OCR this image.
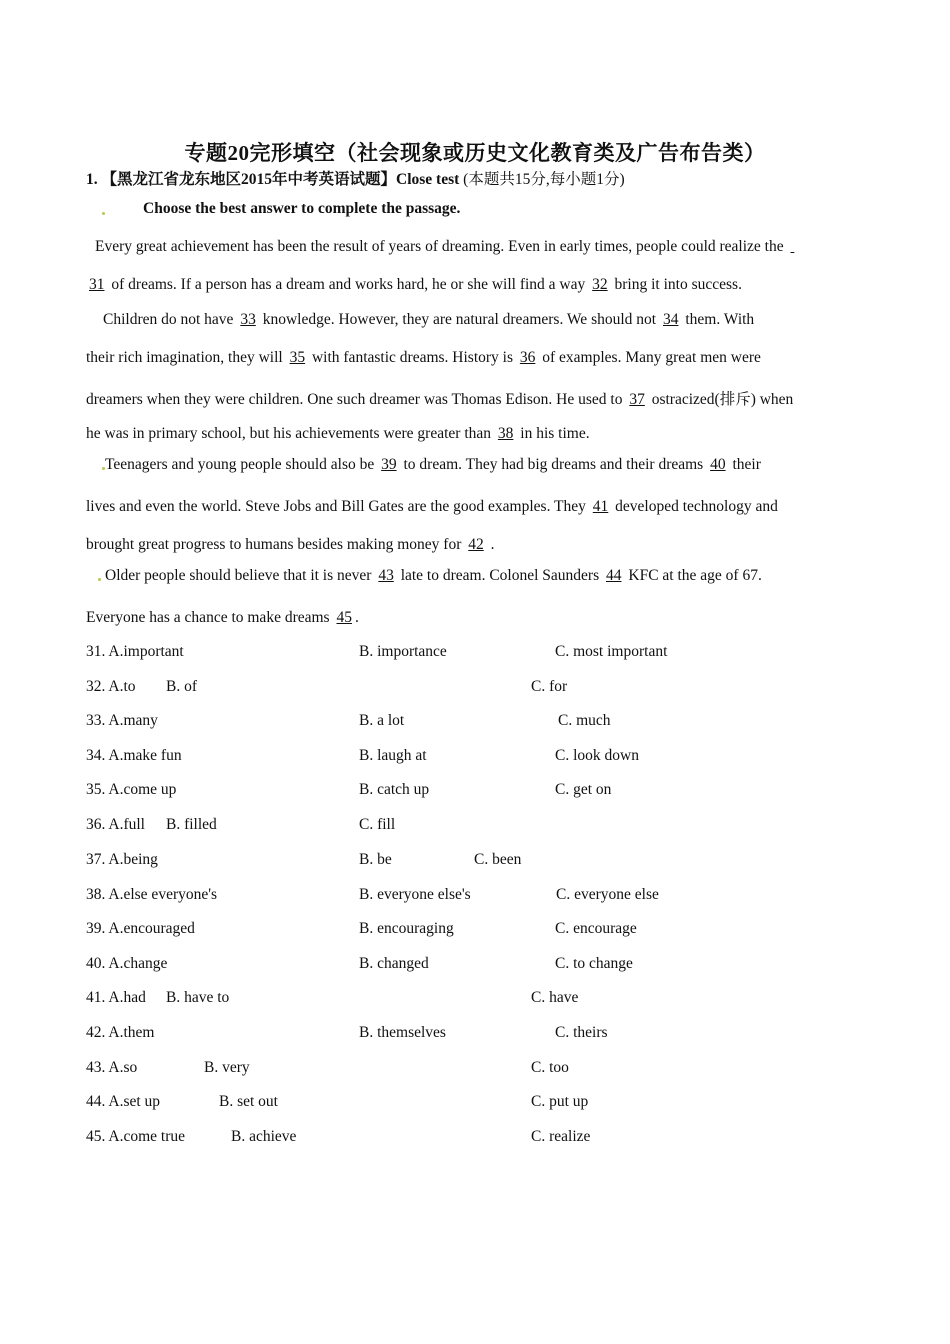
专题20完形填空（社会现象或历史文化教育类及广告布告类）
1. 【黑龙江省龙东地区2015年中考英语试题】Close test (本题共15分,每小题1分)
Choose the best answer to complete the passage.
Every great achievement has been the result of years of dreaming. Even in early times, people could realize the
31 of dreams. If a person has a dream and works hard, he or she will find a way 32 bring it into success.
Children do not have 33 knowledge. However, they are natural dreamers. We should not 34 them. With
their rich imagination, they will 35 with fantastic dreams. History is 36 of examples. Many great men were
dreamers when they were children. One such dreamer was Thomas Edison. He used to 37 ostracized(排斥) when
he was in primary school, but his achievements were greater than 38 in his time.
Teenagers and young people should also be 39 to dream. They had big dreams and their dreams 40 their
lives and even the world. Steve Jobs and Bill Gates are the good examples. They 41 developed technology and
brought great progress to humans besides making money for 42 .
Older people should believe that it is never 43 late to dream. Colonel Saunders 44 KFC at the age of 67.
Everyone has a chance to make dreams 45 .
31. A.important	B. importance	C. most important
32. A.to B. of	C. for
33. A.many	B. a lot	C. much
34. A.make fun	B. laugh at	C. look down
35. A.come up	B. catch up	C. get on
36. A.full B. filled	C. fill
37. A.being	B. be	C. been
38. A.else everyone's	B. everyone else's	C. everyone else
39. A.encouraged	B. encouraging	C. encourage
40. A.change	B. changed	C. to change
41. A.had B. have to	C. have
42. A.them	B. themselves	C. theirs
43. A.so	B. very	C. too
44. A.set up	B. set out	C. put up
45. A.come true	B. achieve	C. realize
